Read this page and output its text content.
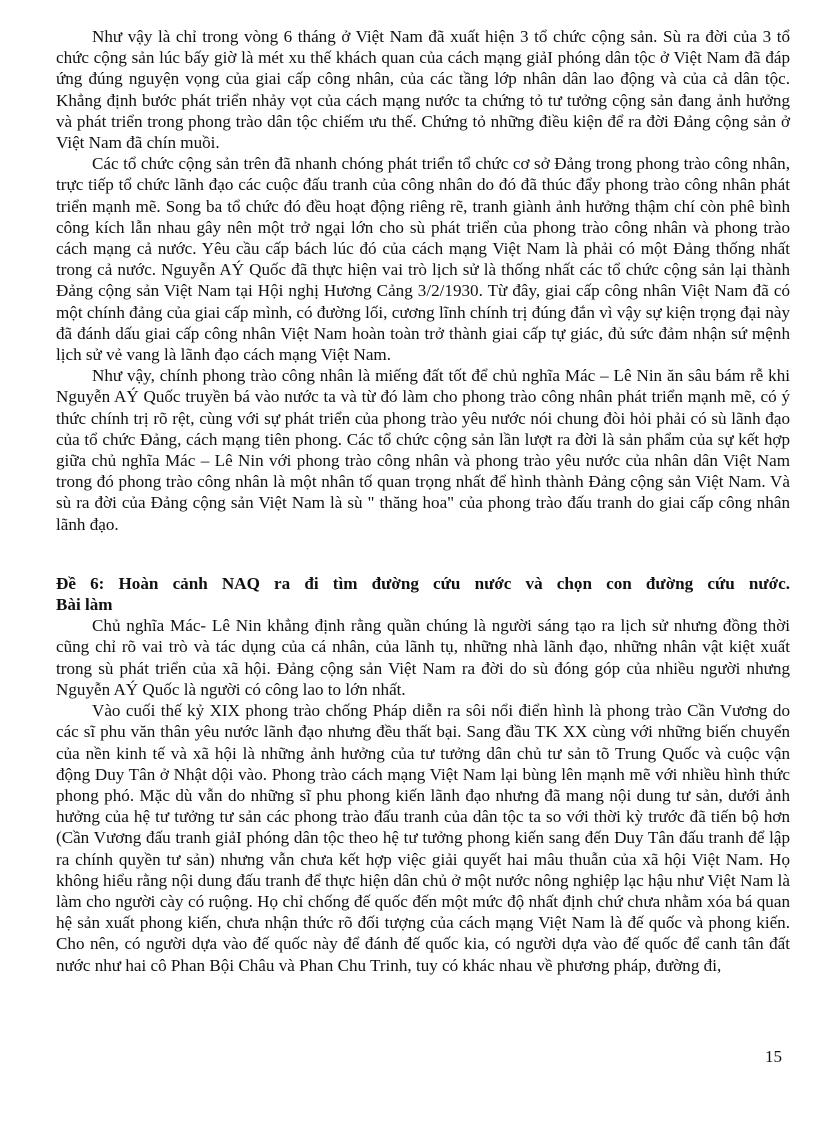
Như vậy là chỉ trong vòng 6 tháng ở Việt Nam đã xuất hiện 3 tổ chức cộng sản. Sù ra đời của 3 tổ chức cộng sản lúc bấy giờ là mét xu thế khách quan của cách mạng giảI phóng dân tộc ở Việt Nam đã đáp ứng đúng nguyện vọng của giai cấp công nhân, của các tầng lớp nhân dân lao động và của cả dân tộc. Khẳng định bước phát triển nhảy vọt của cách mạng nước ta chứng tỏ tư tưởng cộng sản đang ảnh hưởng và phát triển trong phong trào dân tộc chiếm ưu thế. Chứng tỏ những điều kiện để ra đời Đảng cộng sản ở Việt Nam đã chín muồi.

Các tổ chức cộng sản trên đã nhanh chóng phát triển tổ chức cơ sở Đảng trong phong trào công nhân, trực tiếp tổ chức lãnh đạo các cuộc đấu tranh của công nhân do đó đã thúc đẩy phong trào công nhân phát triển mạnh mẽ. Song ba tổ chức đó đều hoạt động riêng rẽ, tranh giành ảnh hưởng thậm chí còn phê bình công kích lẫn nhau gây nên một trở ngại lớn cho sù phát triển của phong trào công nhân và phong trào cách mạng cả nước. Yêu cầu cấp bách lúc đó của cách mạng Việt Nam là phải có một Đảng thống nhất trong cả nước. Nguyễn AÝ Quốc đã thực hiện vai trò lịch sử là thống nhất các tổ chức cộng sản lại thành Đảng cộng sản Việt Nam tại Hội nghị Hương Cảng 3/2/1930. Từ đây, giai cấp công nhân Việt Nam đã có một chính đảng của giai cấp mình, có đường lối, cương lĩnh chính trị đúng đắn vì vậy sự kiện trọng đại này đã đánh dấu giai cấp công nhân Việt Nam hoàn toàn trở thành giai cấp tự giác, đủ sức đảm nhận sứ mệnh lịch sử vẻ vang là lãnh đạo cách mạng Việt Nam.

Như vậy, chính phong trào công nhân là miếng đất tốt để chủ nghĩa Mác – Lê Nin ăn sâu bám rễ khi Nguyễn AÝ Quốc truyền bá vào nước ta và từ đó làm cho phong trào công nhân phát triển mạnh mẽ, có ý thức chính trị rõ rệt, cùng với sự phát triển của phong trào yêu nước nói chung đòi hỏi phải có sù lãnh đạo của tổ chức Đảng, cách mạng tiên phong. Các tổ chức cộng sản lần lượt ra đời là sản phẩm của sự kết hợp giữa chủ nghĩa Mác – Lê Nin với phong trào công nhân và phong trào yêu nước của nhân dân Việt Nam trong đó phong trào công nhân là một nhân tố quan trọng nhất để hình thành Đảng cộng sản Việt Nam. Và sù ra đời của Đảng cộng sản Việt Nam là sù " thăng hoa" của phong trào đấu tranh do giai cấp công nhân lãnh đạo.

Đề 6: Hoàn cảnh NAQ ra đi tìm đường cứu nước và chọn con đường cứu nước.
Bài làm

Chủ nghĩa Mác- Lê Nin khẳng định rằng quần chúng là người sáng tạo ra lịch sử nhưng đồng thời cũng chỉ rõ vai trò và tác dụng của cá nhân, của lãnh tụ, những nhà lãnh đạo, những nhân vật kiệt xuất trong sù phát triển của xã hội. Đảng cộng sản Việt Nam ra đời do sù đóng góp của nhiều người nhưng Nguyễn AÝ Quốc là người có công lao to lớn nhất.

Vào cuối thế kỷ XIX phong trào chống Pháp diễn ra sôi nổi điển hình là phong trào Cần Vương do các sĩ phu văn thân yêu nước lãnh đạo nhưng đều thất bại. Sang đầu TK XX cùng với những biến chuyển của nền kinh tế và xã hội là những ảnh hưởng của tư tưởng dân chủ tư sản tõ Trung Quốc và cuộc vận động Duy Tân ở Nhật dội vào. Phong trào cách mạng Việt Nam lại bùng lên mạnh mẽ với nhiều hình thức phong phó. Mặc dù vẫn do những sĩ phu phong kiến lãnh đạo nhưng đã mang nội dung tư sản, dưới ảnh hưởng của hệ tư tưởng tư sản các phong trào đấu tranh của dân tộc ta so với thời kỳ trước đã tiến bộ hơn (Cần Vương đấu tranh giảI phóng dân tộc theo hệ tư tưởng phong kiến sang đến Duy Tân đấu tranh để lập ra chính quyền tư sản) nhưng vẫn chưa kết hợp việc giải quyết hai mâu thuẫn của xã hội Việt Nam. Họ không hiểu rằng nội dung đấu tranh để thực hiện dân chủ ở một nước nông nghiệp lạc hậu như Việt Nam là làm cho người cày có ruộng. Họ chỉ chống đế quốc đến một mức độ nhất định chứ chưa nhằm xóa bá quan hệ sản xuất phong kiến, chưa nhận thức rõ đối tượng của cách mạng Việt Nam là đế quốc và phong kiến. Cho nên, có người dựa vào đế quốc này để đánh đế quốc kia, có người dựa vào đế quốc để canh tân đất nước như hai cô Phan Bội Châu và Phan Chu Trinh, tuy có khác nhau về phương pháp, đường đi,

15
